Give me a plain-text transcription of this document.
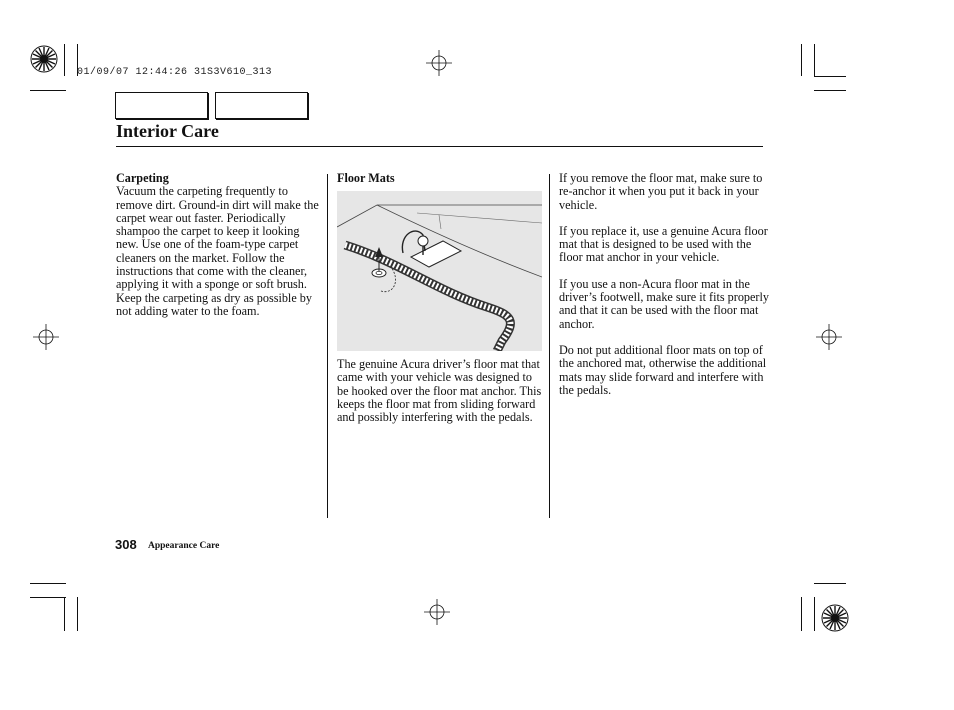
01/09/07 12:44:26 31S3V610_313
Interior Care
Carpeting

Vacuum the carpeting frequently to remove dirt. Ground-in dirt will make the carpet wear out faster. Periodically shampoo the carpet to keep it looking new. Use one of the foam-type carpet cleaners on the market. Follow the instructions that come with the cleaner, applying it with a sponge or soft brush. Keep the carpeting as dry as possible by not adding water to the foam.

Floor Mats

The genuine Acura driver’s floor mat that came with your vehicle was designed to be hooked over the floor mat anchor. This keeps the floor mat from sliding forward and possibly interfering with the pedals.

If you remove the floor mat, make sure to re-anchor it when you put it back in your vehicle.

If you replace it, use a genuine Acura floor mat that is designed to be used with the floor mat anchor in your vehicle.

If you use a non-Acura floor mat in the driver’s footwell, make sure it fits properly and that it can be used with the floor mat anchor.

Do not put additional floor mats on top of the anchored mat, otherwise the additional mats may slide forward and interfere with the pedals.

308 Appearance Care
